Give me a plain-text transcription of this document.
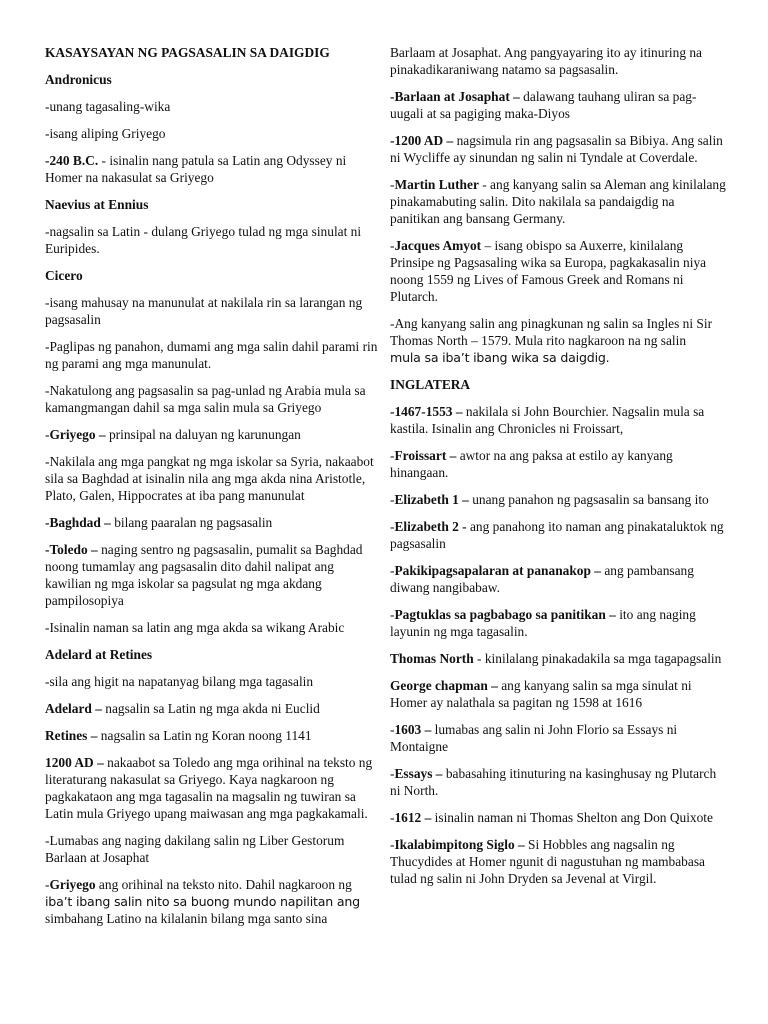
KASAYSAYAN NG PAGSASALIN SA DAIGDIG

Andronicus

-unang tagasaling-wika

-isang aliping Griyego

-240 B.C. - isinalin nang patula sa Latin ang Odyssey ni Homer na nakasulat sa Griyego

Naevius at Ennius

-nagsalin sa Latin - dulang Griyego tulad ng mga sinulat ni Euripides.

Cicero

-isang mahusay na manunulat at nakilala rin sa larangan ng pagsasalin

-Paglipas ng panahon, dumami ang mga salin dahil parami rin ng parami ang mga manunulat.

-Nakatulong ang pagsasalin sa pag-unlad ng Arabia mula sa kamangmangan dahil sa mga salin mula sa Griyego

-Griyego – prinsipal na daluyan ng karunungan

-Nakilala ang mga pangkat ng mga iskolar sa Syria, nakaabot sila sa Baghdad at isinalin nila ang mga akda nina Aristotle, Plato, Galen, Hippocrates at iba pang manunulat

-Baghdad – bilang paaralan ng pagsasalin

-Toledo – naging sentro ng pagsasalin, pumalit sa Baghdad noong tumamlay ang pagsasalin dito dahil nalipat ang kawilian ng mga iskolar sa pagsulat ng mga akdang pampilosopiya

-Isinalin naman sa latin ang mga akda sa wikang Arabic

Adelard at Retines

-sila ang higit na napatanyag bilang mga tagasalin

Adelard – nagsalin sa Latin ng mga akda ni Euclid

Retines – nagsalin sa Latin ng Koran noong 1141

1200 AD – nakaabot sa Toledo ang mga orihinal na teksto ng literaturang nakasulat sa Griyego. Kaya nagkaroon ng pagkakataon ang mga tagasalin na magsalin ng tuwiran sa Latin mula Griyego upang maiwasan ang mga pagkakamali.

-Lumabas ang naging dakilang salin ng Liber Gestorum Barlaan at Josaphat

-Griyego ang orihinal na teksto nito. Dahil nagkaroon ng
iba’t ibang salin nito sa buong mundo napilitan ang
simbahang Latino na kilalanin bilang mga santo sina

Barlaam at Josaphat. Ang pangyayaring ito ay itinuring na pinakadikaraniwang natamo sa pagsasalin.

-Barlaan at Josaphat – dalawang tauhang uliran sa pag-uugali at sa pagiging maka-Diyos

-1200 AD – nagsimula rin ang pagsasalin sa Bibiya. Ang salin ni Wycliffe ay sinundan ng salin ni Tyndale at Coverdale.

-Martin Luther - ang kanyang salin sa Aleman ang kinilalang pinakamabuting salin. Dito nakilala sa pandaigdig na panitikan ang bansang Germany.

-Jacques Amyot – isang obispo sa Auxerre, kinilalang Prinsipe ng Pagsasaling wika sa Europa, pagkakasalin niya noong 1559 ng Lives of Famous Greek and Romans ni Plutarch.

-Ang kanyang salin ang pinagkunan ng salin sa Ingles ni Sir Thomas North – 1579. Mula rito nagkaroon na ng salin
mula sa iba’t ibang wika sa daigdig.

INGLATERA

-1467-1553 – nakilala si John Bourchier. Nagsalin mula sa kastila. Isinalin ang Chronicles ni Froissart,

-Froissart – awtor na ang paksa at estilo ay kanyang hinangaan.

-Elizabeth 1 – unang panahon ng pagsasalin sa bansang ito

-Elizabeth 2 - ang panahong ito naman ang pinakataluktok ng pagsasalin

-Pakikipagsapalaran at pananakop – ang pambansang diwang nangibabaw.

-Pagtuklas sa pagbabago sa panitikan – ito ang naging layunin ng mga tagasalin.

Thomas North - kinilalang pinakadakila sa mga tagapagsalin

George chapman – ang kanyang salin sa mga sinulat ni Homer ay nalathala sa pagitan ng 1598 at 1616

-1603 – lumabas ang salin ni John Florio sa Essays ni Montaigne

-Essays – babasahing itinuturing na kasinghusay ng Plutarch ni North.

-1612 – isinalin naman ni Thomas Shelton ang Don Quixote

-Ikalabimpitong Siglo – Si Hobbles ang nagsalin ng Thucydides at Homer ngunit di nagustuhan ng mambabasa tulad ng salin ni John Dryden sa Jevenal at Virgil.
